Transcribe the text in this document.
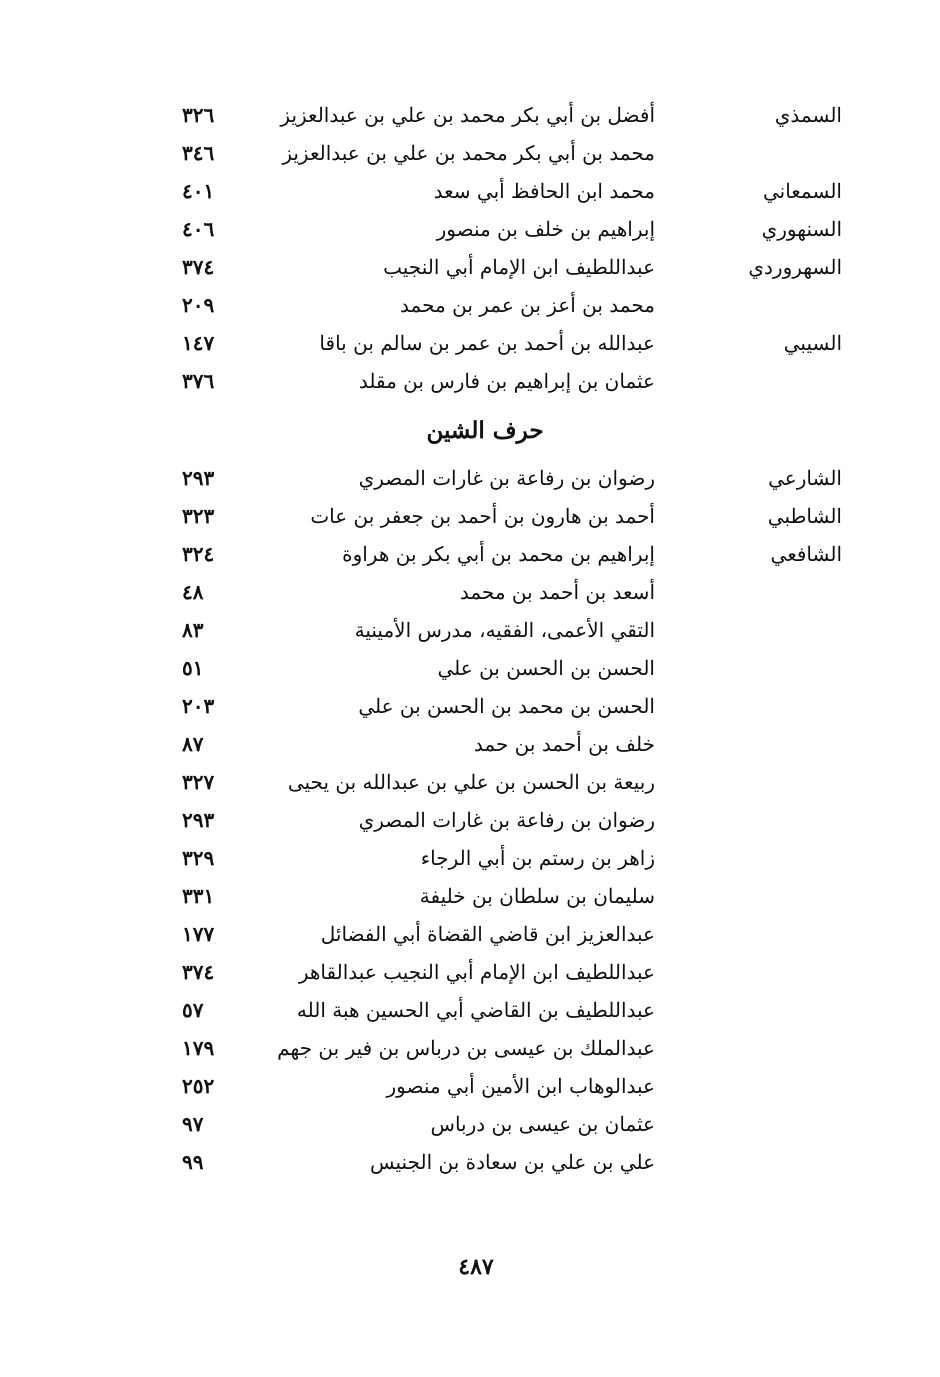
السمذي
أفضل بن أبي بكر محمد بن علي بن عبدالعزيز
٣٢٦
محمد بن أبي بكر محمد بن علي بن عبدالعزيز
٣٤٦
السمعاني
محمد ابن الحافظ أبي سعد
٤٠١
السنهوري
إبراهيم بن خلف بن منصور
٤٠٦
السهروردي
عبداللطيف ابن الإمام أبي النجيب
٣٧٤
محمد بن أعز بن عمر بن محمد
٢٠٩
السيبي
عبدالله بن أحمد بن عمر بن سالم بن باقا
١٤٧
عثمان بن إبراهيم بن فارس بن مقلد
٣٧٦
حرف الشين
الشارعي
رضوان بن رفاعة بن غارات المصري
٢٩٣
الشاطبي
أحمد بن هارون بن أحمد بن جعفر بن عات
٣٢٣
الشافعي
إبراهيم بن محمد بن أبي بكر بن هراوة
٣٢٤
أسعد بن أحمد بن محمد
٤٨
التقي الأعمى، الفقيه، مدرس الأمينية
٨٣
الحسن بن الحسن بن علي
٥١
الحسن بن محمد بن الحسن بن علي
٢٠٣
خلف بن أحمد بن حمد
٨٧
ربيعة بن الحسن بن علي بن عبدالله بن يحيى
٣٢٧
رضوان بن رفاعة بن غارات المصري
٢٩٣
زاهر بن رستم بن أبي الرجاء
٣٢٩
سليمان بن سلطان بن خليفة
٣٣١
عبدالعزيز ابن قاضي القضاة أبي الفضائل
١٧٧
عبداللطيف ابن الإمام أبي النجيب عبدالقاهر
٣٧٤
عبداللطيف بن القاضي أبي الحسين هبة الله
٥٧
عبدالملك بن عيسى بن درباس بن فير بن جهم
١٧٩
عبدالوهاب ابن الأمين أبي منصور
٢٥٢
عثمان بن عيسى بن درباس
٩٧
علي بن علي بن سعادة بن الجنيس
٩٩
٤٨٧
